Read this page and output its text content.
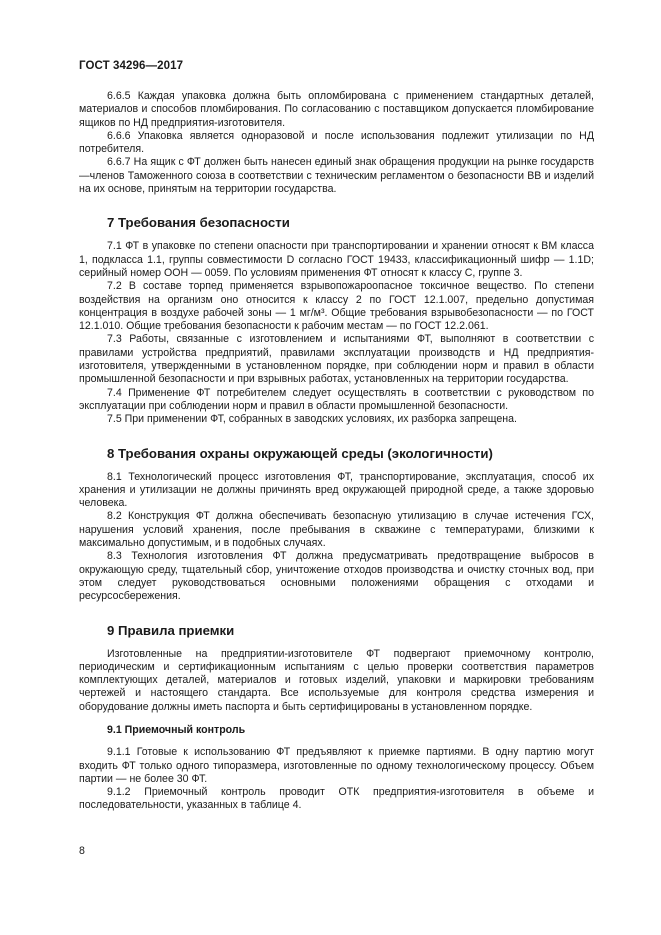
ГОСТ 34296—2017

6.6.5 Каждая упаковка должна быть опломбирована с применением стандартных деталей, материалов и способов пломбирования. По согласованию с поставщиком допускается пломбирование ящиков по НД предприятия-изготовителя.

6.6.6 Упаковка является одноразовой и после использования подлежит утилизации по НД потребителя.

6.6.7 На ящик с ФТ должен быть нанесен единый знак обращения продукции на рынке государств—членов Таможенного союза в соответствии с техническим регламентом о безопасности ВВ и изделий на их основе, принятым на территории государства.

7 Требования безопасности

7.1 ФТ в упаковке по степени опасности при транспортировании и хранении относят к ВМ класса 1, подкласса 1.1, группы совместимости D согласно ГОСТ 19433, классификационный шифр — 1.1D; серийный номер ООН — 0059. По условиям применения ФТ относят к классу С, группе 3.

7.2 В составе торпед применяется взрывопожароопасное токсичное вещество. По степени воздействия на организм оно относится к классу 2 по ГОСТ 12.1.007, предельно допустимая концентрация в воздухе рабочей зоны — 1 мг/м³. Общие требования взрывобезопасности — по ГОСТ 12.1.010. Общие требования безопасности к рабочим местам — по ГОСТ 12.2.061.

7.3 Работы, связанные с изготовлением и испытаниями ФТ, выполняют в соответствии с правилами устройства предприятий, правилами эксплуатации производств и НД предприятия-изготовителя, утвержденными в установленном порядке, при соблюдении норм и правил в области промышленной безопасности и при взрывных работах, установленных на территории государства.

7.4 Применение ФТ потребителем следует осуществлять в соответствии с руководством по эксплуатации при соблюдении норм и правил в области промышленной безопасности.

7.5 При применении ФТ, собранных в заводских условиях, их разборка запрещена.

8 Требования охраны окружающей среды (экологичности)

8.1 Технологический процесс изготовления ФТ, транспортирование, эксплуатация, способ их хранения и утилизации не должны причинять вред окружающей природной среде, а также здоровью человека.

8.2 Конструкция ФТ должна обеспечивать безопасную утилизацию в случае истечения ГСХ, нарушения условий хранения, после пребывания в скважине с температурами, близкими к максимально допустимым, и в подобных случаях.

8.3 Технология изготовления ФТ должна предусматривать предотвращение выбросов в окружающую среду, тщательный сбор, уничтожение отходов производства и очистку сточных вод, при этом следует руководствоваться основными положениями обращения с отходами и ресурсосбережения.

9 Правила приемки

Изготовленные на предприятии-изготовителе ФТ подвергают приемочному контролю, периодическим и сертификационным испытаниям с целью проверки соответствия параметров комплектующих деталей, материалов и готовых изделий, упаковки и маркировки требованиям чертежей и настоящего стандарта. Все используемые для контроля средства измерения и оборудование должны иметь паспорта и быть сертифицированы в установленном порядке.

9.1 Приемочный контроль

9.1.1 Готовые к использованию ФТ предъявляют к приемке партиями. В одну партию могут входить ФТ только одного типоразмера, изготовленные по одному технологическому процессу. Объем партии — не более 30 ФТ.

9.1.2 Приемочный контроль проводит ОТК предприятия-изготовителя в объеме и последовательности, указанных в таблице 4.

8
